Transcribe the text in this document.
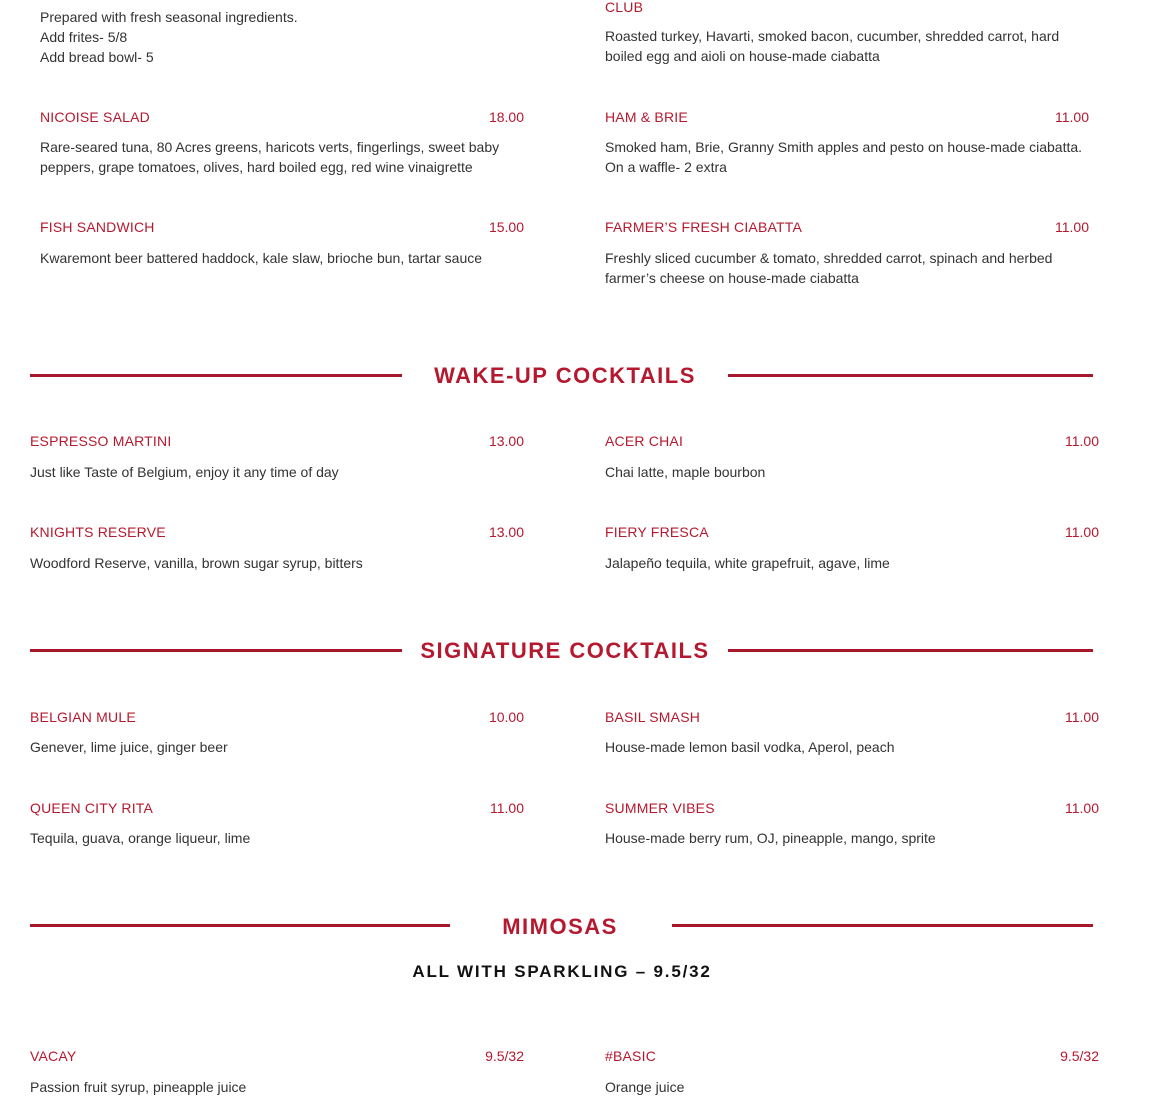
Prepared with fresh seasonal ingredients.
Add frites- 5/8
Add bread bowl- 5
CLUB
Roasted turkey, Havarti, smoked bacon, cucumber, shredded carrot, hard boiled egg and aioli on house-made ciabatta
NICOISE SALAD	18.00
Rare-seared tuna, 80 Acres greens, haricots verts, fingerlings, sweet baby peppers, grape tomatoes, olives, hard boiled egg, red wine vinaigrette
HAM & BRIE	11.00
Smoked ham, Brie, Granny Smith apples and pesto on house-made ciabatta. On a waffle- 2 extra
FISH SANDWICH	15.00
Kwaremont beer battered haddock, kale slaw, brioche bun, tartar sauce
FARMER’S FRESH CIABATTA	11.00
Freshly sliced cucumber & tomato, shredded carrot, spinach and herbed farmer’s cheese on house-made ciabatta
WAKE-UP COCKTAILS
ESPRESSO MARTINI	13.00
Just like Taste of Belgium, enjoy it any time of day
ACER CHAI	11.00
Chai latte, maple bourbon
KNIGHTS RESERVE	13.00
Woodford Reserve, vanilla, brown sugar syrup, bitters
FIERY FRESCA	11.00
Jalapeño tequila, white grapefruit, agave, lime
SIGNATURE COCKTAILS
BELGIAN MULE	10.00
Genever, lime juice, ginger beer
BASIL SMASH	11.00
House-made lemon basil vodka, Aperol, peach
QUEEN CITY RITA	11.00
Tequila, guava, orange liqueur, lime
SUMMER VIBES	11.00
House-made berry rum, OJ, pineapple, mango, sprite
MIMOSAS
ALL WITH SPARKLING – 9.5/32
VACAY	9.5/32
Passion fruit syrup, pineapple juice
#BASIC	9.5/32
Orange juice
